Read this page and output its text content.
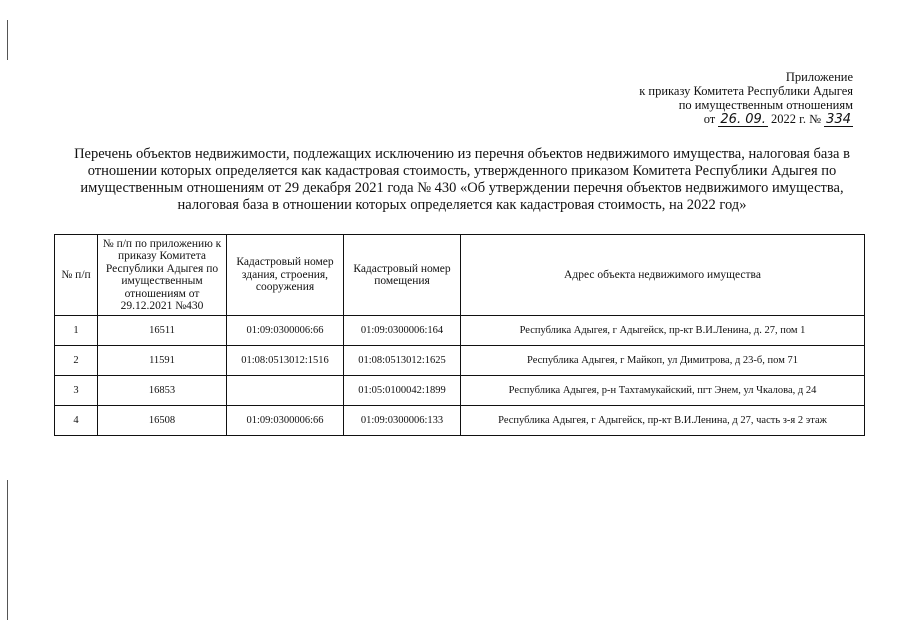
Приложение
к приказу Комитета Республики Адыгея
по имущественным отношениям
от 26. 09. 2022 г. № 334
Перечень объектов недвижимости, подлежащих исключению из перечня объектов недвижимого имущества, налоговая база в отношении которых определяется как кадастровая стоимость, утвержденного приказом Комитета Республики Адыгея по имущественным отношениям от 29 декабря 2021 года № 430 «Об утверждении перечня объектов недвижимого имущества, налоговая база в отношении которых определяется как кадастровая стоимость, на 2022 год»
№ п/п	№ п/п по приложению к приказу Комитета Республики Адыгея по имущественным отношениям от 29.12.2021 №430	Кадастровый номер здания, строения, сооружения	Кадастровый номер помещения	Адрес объекта недвижимого имущества
1	16511	01:09:0300006:66	01:09:0300006:164	Республика Адыгея, г Адыгейск, пр-кт В.И.Ленина, д. 27, пом 1
2	11591	01:08:0513012:1516	01:08:0513012:1625	Республика Адыгея, г Майкоп, ул Димитрова, д 23-б, пом 71
3	16853		01:05:0100042:1899	Республика Адыгея, р-н Тахтамукайский, пгт Энем, ул Чкалова, д 24
4	16508	01:09:0300006:66	01:09:0300006:133	Республика Адыгея, г Адыгейск, пр-кт В.И.Ленина, д 27, часть з-я 2 этаж
